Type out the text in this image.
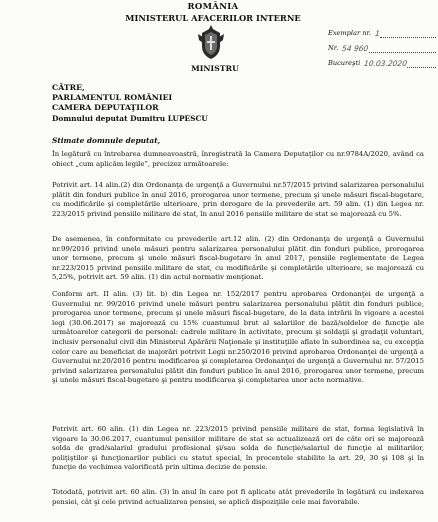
ROMÂNIA
MINISTERUL AFACERILOR INTERNE
MINISTRU
Exemplar nr. 1
Nr. 54 960
Bucureşti 10.03.2020
CĂTRE,
PARLAMENTUL ROMÂNIEI
CAMERA DEPUTAŢILOR
Domnului deputat Dumitru LUPESCU
Stimate domnule deputat,

În legătură cu întrebarea dumneavoastră, înregistrată la Camera Deputaţilor cu nr.9784A/2020, având ca obiect „cum aplicăm legile”, precizez următoarele:

Potrivit art. 14 alin.(2) din Ordonanţa de urgenţă a Guvernului nr.57/2015 privind salarizarea personalului plătit din fonduri publice în anul 2016, prorogarea unor termene, precum şi unele măsuri fiscal-bugetare, cu modificările şi completările ulterioare, prin derogare de la prevederile art. 59 alin. (1) din Legea nr. 223/2015 privind pensiile militare de stat, în anul 2016 pensiile militare de stat se majorează cu 5%.

De asemenea, în conformitate cu prevederile art.12 alin. (2) din Ordonanţa de urgenţă a Guvernului nr.99/2016 privind unele măsuri pentru salarizarea personalului plătit din fonduri publice, prorogarea unor termene, precum şi unele măsuri fiscal-bugetare în anul 2017, pensiile reglementate de Legea nr.223/2015 privind pensiile militare de stat, cu modificările şi completările ulterioare, se majorează cu 5,25%, potrivit art. 59 alin. (1) din actul normativ menţionat.

Conform art. II alin. (3) lit. b) din Legea nr. 152/2017 pentru aprobarea Ordonanţei de urgenţă a Guvernului nr. 99/2016 privind unele măsuri pentru salarizarea personalului plătit din fonduri publice, prorogarea unor termene, precum şi unele măsuri fiscal-bugetare, de la data intrării în vigoare a acestei legi (30.06.2017) se majorează cu 15% cuantumul brut al salariilor de bază/soldelor de funcţie ale următoarelor categorii de personal: cadrele militare în activitate, precum şi soldaţii şi gradaţii voluntari, inclusiv personalul civil din Ministerul Apărării Naţionale şi instituţiile aflate în subordinea sa, cu excepţia celor care au beneficiat de majorări potrivit Legii nr.250/2016 privind aprobarea Ordonanţei de urgenţă a Guvernului nr.20/2016 pentru modificarea şi completarea Ordonanţei de urgenţă a Guvernului nr. 57/2015 privind salarizarea personalului plătit din fonduri publice în anul 2016, prorogarea unor termene, precum şi unele măsuri fiscal-bugetare şi pentru modificarea şi completarea unor acte normative.

Potrivit art. 60 alin. (1) din Legea nr. 223/2015 privind pensiile militare de stat, forma legislativă în vigoare la 30.06.2017, cuantumul pensiilor militare de stat se actualizează ori de câte ori se majorează solda de grad/salariul gradului profesional şi/sau solda de funcţie/salariul de funcţie al militarilor, poliţiştilor şi funcţionarilor publici cu statut special, în procentele stabilite la art. 29, 30 şi 108 şi în funcţie de vechimea valorificată prin ultima decizie de pensie.

Totodată, potrivit art. 60 alin. (3) în anul în care pot fi aplicate atât prevederile în legătură cu indexarea pensiei, cât şi cele privind actualizarea pensiei, se aplică dispoziţiile cele mai favorabile.
